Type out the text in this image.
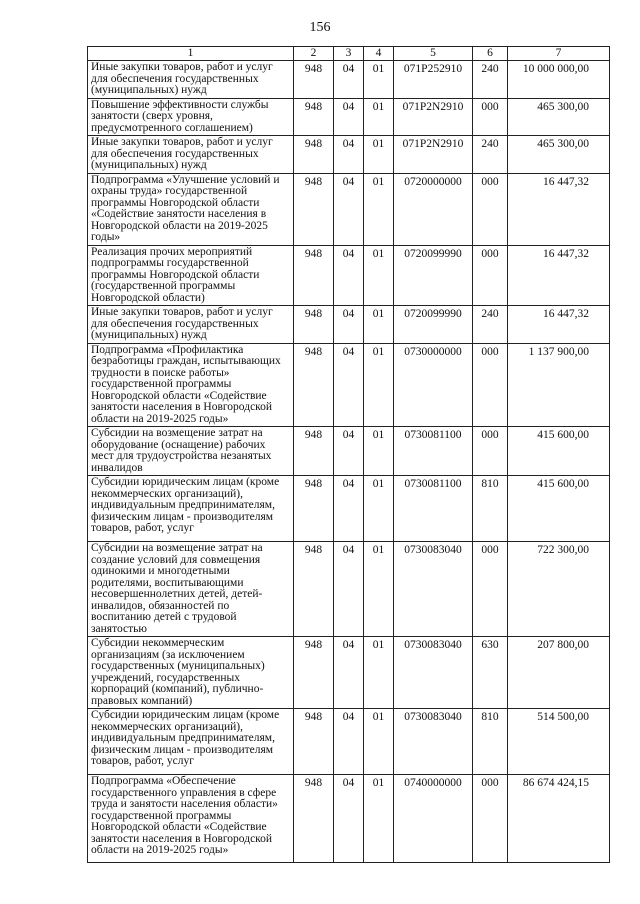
156
1	2	3	4	5	6	7
Иные закупки товаров, работ и услуг для обеспечения государственных (муниципальных) нужд	948	04	01	071Р252910	240	10 000 000,00
Повышение эффективности службы занятости (сверх уровня, предусмотренного соглашением)	948	04	01	071Р2N2910	000	465 300,00
Иные закупки товаров, работ и услуг для обеспечения государственных (муниципальных) нужд	948	04	01	071Р2N2910	240	465 300,00
Подпрограмма «Улучшение условий и охраны труда» государственной программы Новгородской области «Содействие занятости населения в Новгородской области на 2019-2025 годы»	948	04	01	0720000000	000	16 447,32
Реализация прочих мероприятий подпрограммы государственной программы Новгородской области (государственной программы Новгородской области)	948	04	01	0720099990	000	16 447,32
Иные закупки товаров, работ и услуг для обеспечения государственных (муниципальных) нужд	948	04	01	0720099990	240	16 447,32
Подпрограмма «Профилактика безработицы граждан, испытывающих трудности в поиске работы» государственной программы Новгородской области «Содействие занятости населения в Новгородской области на 2019-2025 годы»	948	04	01	0730000000	000	1 137 900,00
Субсидии на возмещение затрат на оборудование (оснащение) рабочих мест для трудоустройства незанятых инвалидов	948	04	01	0730081100	000	415 600,00
Субсидии юридическим лицам (кроме некоммерческих организаций), индивидуальным предпринимателям, физическим лицам - производителям товаров, работ, услуг	948	04	01	0730081100	810	415 600,00
Субсидии на возмещение затрат на создание условий для совмещения одинокими и многодетными родителями, воспитывающими несовершеннолетних детей, детей-инвалидов, обязанностей по воспитанию детей с трудовой занятостью	948	04	01	0730083040	000	722 300,00
Субсидии некоммерческим организациям (за исключением государственных (муниципальных) учреждений, государственных корпораций (компаний), публично-правовых компаний)	948	04	01	0730083040	630	207 800,00
Субсидии юридическим лицам (кроме некоммерческих организаций), индивидуальным предпринимателям, физическим лицам - производителям товаров, работ, услуг	948	04	01	0730083040	810	514 500,00
Подпрограмма «Обеспечение государственного управления в сфере труда и занятости населения области» государственной программы Новгородской области «Содействие занятости населения в Новгородской области на 2019-2025 годы»	948	04	01	0740000000	000	86 674 424,15
